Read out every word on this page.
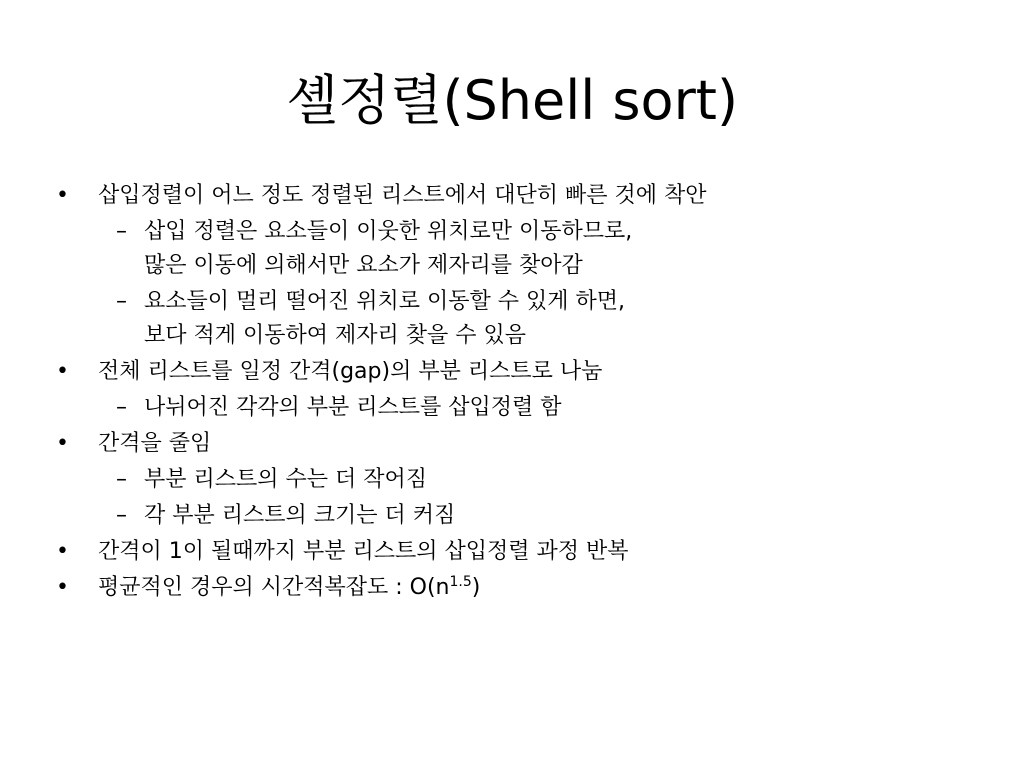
셸정렬(Shell sort)
•	삽입정렬이 어느 정도 정렬된 리스트에서 대단히 빠른 것에 착안
– 삽입 정렬은 요소들이 이웃한 위치로만 이동하므로,
많은 이동에 의해서만 요소가 제자리를 찾아감
– 요소들이 멀리 떨어진 위치로 이동할 수 있게 하면,
보다 적게 이동하여 제자리 찾을 수 있음
•	전체 리스트를 일정 간격(gap)의 부분 리스트로 나눔
– 나뉘어진 각각의 부분 리스트를 삽입정렬 함
•	간격을 줄임
– 부분 리스트의 수는 더 작어짐
– 각 부분 리스트의 크기는 더 커짐
•	간격이 1이 될때까지 부분 리스트의 삽입정렬 과정 반복
•	평균적인 경우의 시간적복잡도 : $O(n^{1.5})$
